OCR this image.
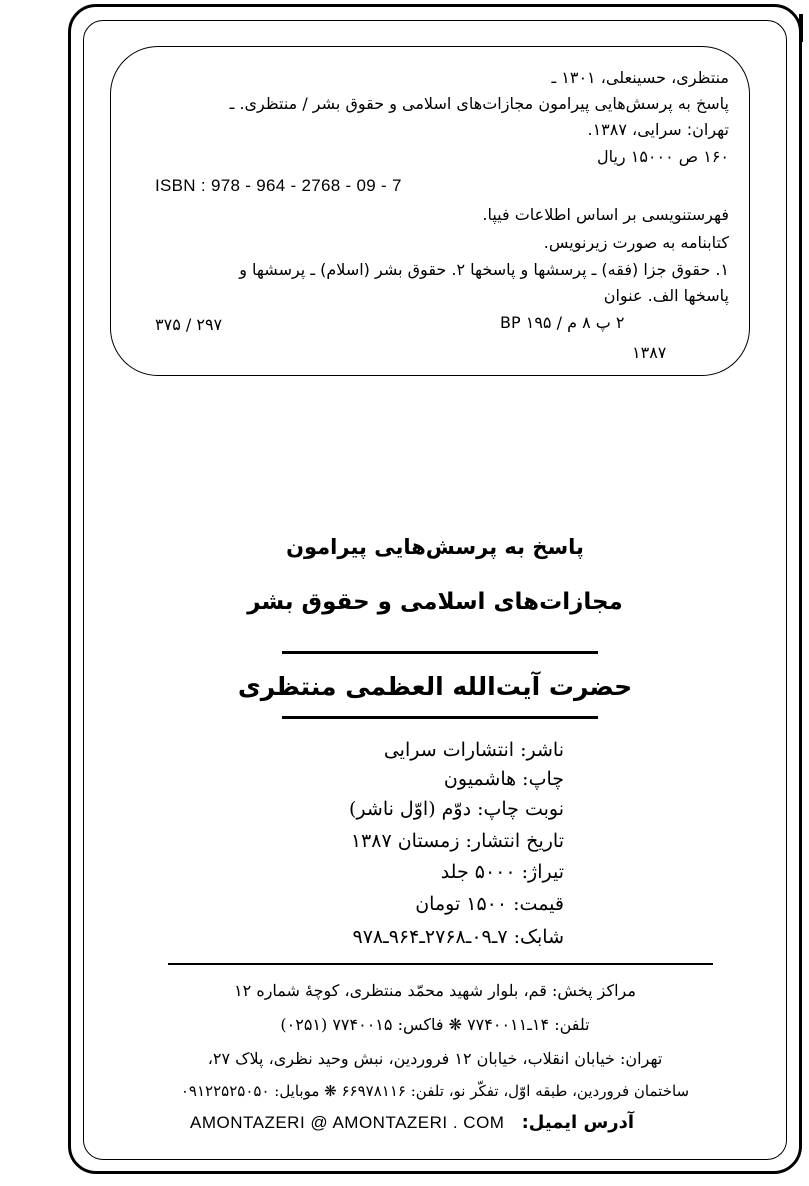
منتظری، حسینعلی، ۱۳۰۱ ـ
پاسخ به پرسش‌هایی پیرامون مجازات‌های اسلامی و حقوق بشر / منتظری. ـ
تهران: سرایی، ۱۳۸۷.
۱۶۰ ص ۱۵۰۰۰ ریال
ISBN : 978 - 964 - 2768 - 09 - 7
فهرستنویسی بر اساس اطلاعات فیپا.
کتابنامه به صورت زیرنویس.
۱. حقوق جزا (فقه) ـ پرسشها و پاسخها ۲. حقوق بشر (اسلام) ـ پرسشها و
پاسخها الف. عنوان
۲ پ ۸ م / ۱۹۵ BP
۲۹۷ / ۳۷۵
۱۳۸۷
پاسخ به پرسش‌هایی پیرامون
مجازات‌های اسلامی و حقوق بشر
حضرت آیت‌الله العظمی منتظری
ناشر: انتشارات سرایی
چاپ: هاشمیون
نوبت چاپ: دوّم (اوّل ناشر)
تاریخ انتشار: زمستان ۱۳۸۷
تیراژ: ۵۰۰۰ جلد
قیمت: ۱۵۰۰ تومان
شابک: ۷ـ۰۹ـ۲۷۶۸ـ۹۶۴ـ۹۷۸
مراکز پخش: قم، بلوار شهید محمّد منتظری، کوچهٔ شماره ۱۲
تلفن: ۱۴ـ۷۷۴۰۰۱۱ ❋ فاکس: ۷۷۴۰۰۱۵ (۰۲۵۱)
تهران: خیابان انقلاب، خیابان ۱۲ فروردین، نبش وحید نظری، پلاک ۲۷،
ساختمان فروردین، طبقه اوّل، تفکّر نو، تلفن: ۶۶۹۷۸۱۱۶ ❋ موبایل: ۰۹۱۲۲۵۲۵۰۵۰
AMONTAZERI @ AMONTAZERI . COM آدرس ایمیل:
